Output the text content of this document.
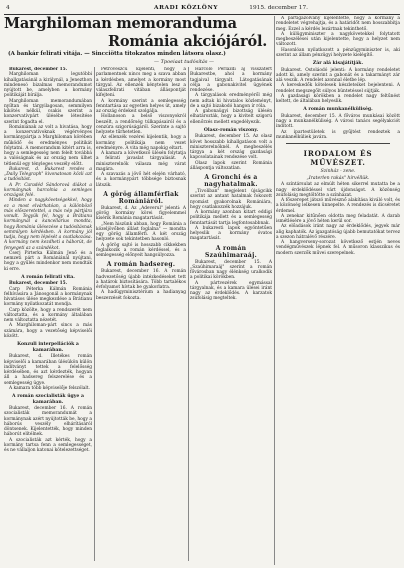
4	ARADI KÖZLÖNY	1915. december 17.
Marghiloman memoranduma
Románia akciójáról.
(A bankár felirati vitája. — Sincciötta titokzatos minden látsora olasz.)
— Tpoeiaat tudósítás —

Bukarest, december 15.

Marghiloman legutóbbi kihallgatásánál a királynál, a Jenezthon mindenesó bizalmas memorandumot nyújtott be, amelyben a kormány politikáját bírálja.

Marghiloman memorandumában nyíltan és tárgyilagosan, semmilyen kikötés nélkül, csakis szerint a konzervatívpárt ülésébe létesítése szerint fogadta el.

Romániának az volt a hivatása, hogy a konzervatívoknak végérvényes kormánypártja a Marghiloman körében működő és eredményes politikát folytatni. A memorandum kitért arra is, hogy a semlegesség nem felelt továbbá a valóságnak és az ország nem ülhet tétlenül egy tényleges veszély előtt.

Bukarest, d. Bukarest rendes a „Daily Telegraph" kivonatosan közli azt a tudósítást.

A Pr. Caradéd Sándorová diákot a kormánynak harcolnia a semleges országok felé.

Minden a nagykövetségekkel, hogy ez a most elvárhatóan, a különböző más előszeretettel, a más nép pártjára vonult. Tegyük fel, hogy a Brátianu kormánynál a kancellárius mondta, hogy Románia ülésezése a tudósításnak semmilyen kérdésben. A kormány jól tudja, hogy nem lépését a csatlakozása. A kormány nem kezdheti a háborút, de fenyegeti az a szándékot.

Cserj Pirterka Kálmán Jenő és a nemzeti párt a Romániánál nyújtani, hogy a gyűlés mindenkor nem mondták ki erre.

A román felirati vita.

Bukarest, december 15.

Carp Péterka Kálmán Románia felhívására a Jánosgonál a kormánynak hivatásos ülése megkezdése a Brátianu kormány nyilatkozatát mondja.

Carp közölte, hogy a rendszerét nem változtatta, és a kormány általában nem változtatta nézetét.

A Marghiloman-párt sincs a más számára, hogy a vezetőség képviselői között.

Konzuli interpellációk a kamarában.

Bukarest, d. Illetékes román képviselői a kamarában ülésükön külön indítványt tettek a felelősség kérdésében, és azt kérdezték, hogyan áll a hadsereg felszerelése és a semlegesség ügye.

A kamara több képviselője felszólalt.

A román szocialisták ügye a kamarában.

Bukarest, december 16. A román szocialisták memorandumát a kormánynak azért nyújtották be, hogy a háborús veszély elhárításáról döntsenek. Kijelentették, hogy minden háborút elítélnek.

A szocialisták azt kérték, hogy a kormány tartsa fenn a semlegességet, és ne vállaljon katonai kötelezettséget.

Petroveszcu kijelenti, hogy a parlamentnek nincs meg a szava abban a kérdésben, amelyet a kormány most tárgyal. Az ellenzék kénytelen lesz a válaszfelirati vitában álláspontját kifejteni.

A kormány szerint a semlegesség fenntartása az egyetlen helyes út, amely az ország érdekeit szolgálja.

Hollanoson a belső viszonyokról beszélt, a rendőrség túlkapásairól és a cenzúra szigorúságáról. Szerinte a sajtó helyzete tűrhetetlen.

Az ellenzék vezérei kijelentik, hogy a kormány politikája nem vezet eredményre. A vita még napokig eltart.

A kamara a következő ülésén folytatja a felirati javaslat tárgyalását. A miniszterelnök válasza még várat magára.

A szavazás a jövő hét elején várható, és a kormánypárt többsége biztosnak látszik.

A görög államférfiak Romániáról.

Bukarest, d. Az „Adeverul" jelenti: A görög kormány körei figyelemmel kísérik Románia magatartását.

„Nem hiszünk abban, hogy Románia a közeljövőben állást foglalna" — mondta egy görög államférfi. A két ország helyzete sok tekintetben hasonló.

A görög sajtó is hosszabb cikkekben foglalkozik a román kérdéssel, és a semlegesség előnyeit hangsúlyozza.

A román hadsereg.

Bukarest, december 16. A román hadvezetőség újabb intézkedéseket tett a határok biztosítására. Több tartalékos évfolyamot hívtak be gyakorlatra.

A hadügyminisztérium a hadianyag beszerzését fokozta.

Harcoló Perlázdi aj visszatért Bukarestbe, ahol a kormány tagjaival tárgyalt. Látogatásának célja a gabonakivitel ügyének rendezése.

A tárgyalások eredményéről még nem adtak ki hivatalos közleményt, de a sajtó bizakodó hangon ír róla.

A gabonaügyi bizottság ülésén elhatározták, hogy a kivitelt szigorú ellenőrzés mellett engedélyezik.

Olasz–román viszony.

Bukarest, december 15. Az olasz követ hosszabb kihallgatáson volt a miniszterelnöknél. A megbeszélés tárgya a két ország gazdasági kapcsolatainak rendezése volt.

Olasz lapok szerint Románia álláspontja változatlan.

A Gronchi és a nagyhatalmak.

„Tivoliban" megjelent újságcikk szerint az antant hatalmak fokozott nyomást gyakorolnak Romániára, hogy csatlakozzék hozzájuk.

A kormány azonban kitart eddigi politikája mellett és a semlegesség fenntartását tartja legfontosabbnak.

A bukaresti lapok egyöntetűen helyeslik a kormány óvatos magatartását.

A román Szaúhimaraáj.

Bukarest, december 15. A „Szaúhimaraáj" szerint a román fővárosban nagy élénkség uralkodik a politikai körökben.

A pártvezérek egymással tárgyalnak, és a kamara ülései iránt nagy az érdeklődés. A karzatok zsúfolásig megteltek.

A pártigazolvány kijelentette, hogy a kormány a rendeletet végrehajtja, és a határidőt nem hosszabbítja meg. Ezzel a kérdés lezártnak tekinthető.

A külügyminiszter a nagykövetekkel folytatott megbeszélései után kijelentette, hogy a helyzet nem változott.

Hasonlóan nyilatkozott a pénzügyminiszter is, aki szerint az állam pénzügyi helyzete kielégítő.

Zár alá kisajátítják.

Bukarest. Ostoláodó jelenti: A kormány rendeletet adott ki, amely szerint a gabonát és a takarmányt zár alá veszik. A rendelet azonnal életbe lép.

A kereskedők kötelesek készleteiket bejelenteni. A rendelet megszegőit súlyos büntetéssel sújtják.

A gazdasági körökben a rendelet nagy feltűnést keltett, de általában helyeslik.

A román munkanélküliség.

Bukarest, december 15. A főváros munkásai között nagy a munkanélküliség. A városi tanács segélyakciót indított.

Az ipartestületek is gyűjtést rendeztek a munkanélküliek javára.

IRODALOM ÉS MŰVÉSZET.
Szinház - zene.
„Iraterlen rakás" hírvéllük.

A színtársulat az elmúlt héten sikerrel mutatta be a nagy érdeklődéssel várt újdonságot. A közönség zsúfolásig megtöltötte a színházat.

A főszerepet játszó művésznő alakítása kiváló volt, és a közönség lelkesen ünnepelte. A rendezés is dicséretet érdemel.

A zenekar kitűnően oldotta meg feladatát. A darab ismétlésére a jövő héten kerül sor.

Az előadások iránt nagy az érdeklődés, jegyek már alig kaphatók. Az igazgatóság újabb bemutatókat tervez a szezon hátralévő részére.

A hangverseny-sorozat következő estjén neves vendégművészek lépnek fel. A műsoron klasszikus és modern szerzők művei szerepelnek.
